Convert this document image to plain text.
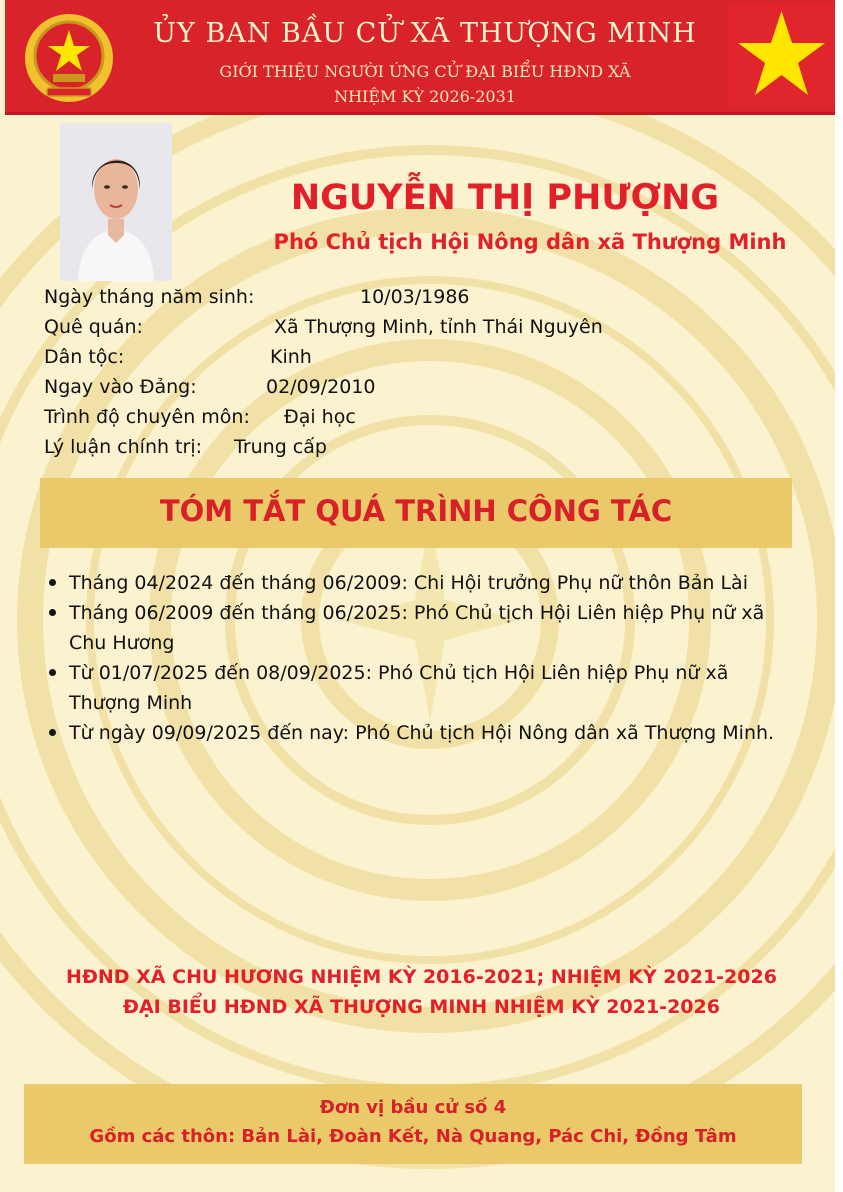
ỦY BAN BẦU CỬ XÃ THƯỢNG MINH
GIỚI THIỆU NGƯỜI ỨNG CỬ ĐẠI BIỂU HĐND XÃ
NHIỆM KỲ 2026-2031
NGUYỄN THỊ PHƯỢNG
Phó Chủ tịch Hội Nông dân xã Thượng Minh
Ngày tháng năm sinh:	10/03/1986
Quê quán:	Xã Thượng Minh, tỉnh Thái Nguyên
Dân tộc:	Kinh
Ngay vào Đảng:	02/09/2010
Trình độ chuyên môn: Đại học
Lý luận chính trị: Trung cấp
TÓM TẮT QUÁ TRÌNH CÔNG TÁC
Tháng 04/2024 đến tháng 06/2009: Chi Hội trưởng Phụ nữ thôn Bản Lài
Tháng 06/2009 đến tháng 06/2025: Phó Chủ tịch Hội Liên hiệp Phụ nữ xã Chu Hương
Từ 01/07/2025 đến 08/09/2025: Phó Chủ tịch Hội Liên hiệp Phụ nữ xã Thượng Minh
Từ ngày 09/09/2025 đến nay: Phó Chủ tịch Hội Nông dân xã Thượng Minh.
HĐND XÃ CHU HƯƠNG NHIỆM KỲ 2016-2021; NHIỆM KỲ 2021-2026
ĐẠI BIỂU HĐND XÃ THƯỢNG MINH NHIỆM KỲ 2021-2026
Đơn vị bầu cử số 4
Gồm các thôn: Bản Lài, Đoàn Kết, Nà Quang, Pác Chi, Đồng Tâm
